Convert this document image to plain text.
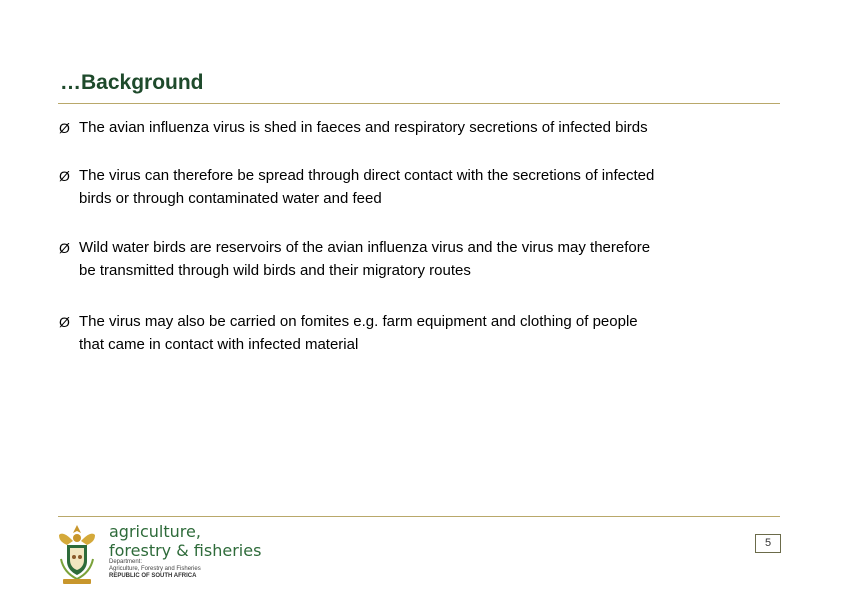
…Background
Ø The avian influenza virus is shed in faeces and respiratory secretions of infected birds
Ø The virus can therefore be spread through direct contact with the secretions of infected
birds or through contaminated water and feed
Ø Wild water birds are reservoirs of the avian influenza virus and the virus may therefore
be transmitted through wild birds and their migratory routes
Ø The virus may also be carried on fomites e.g. farm equipment and clothing of people
that came in contact with infected material
agriculture,
forestry & fisheries
Department:
Agriculture, Forestry and Fisheries
REPUBLIC OF SOUTH AFRICA
5
